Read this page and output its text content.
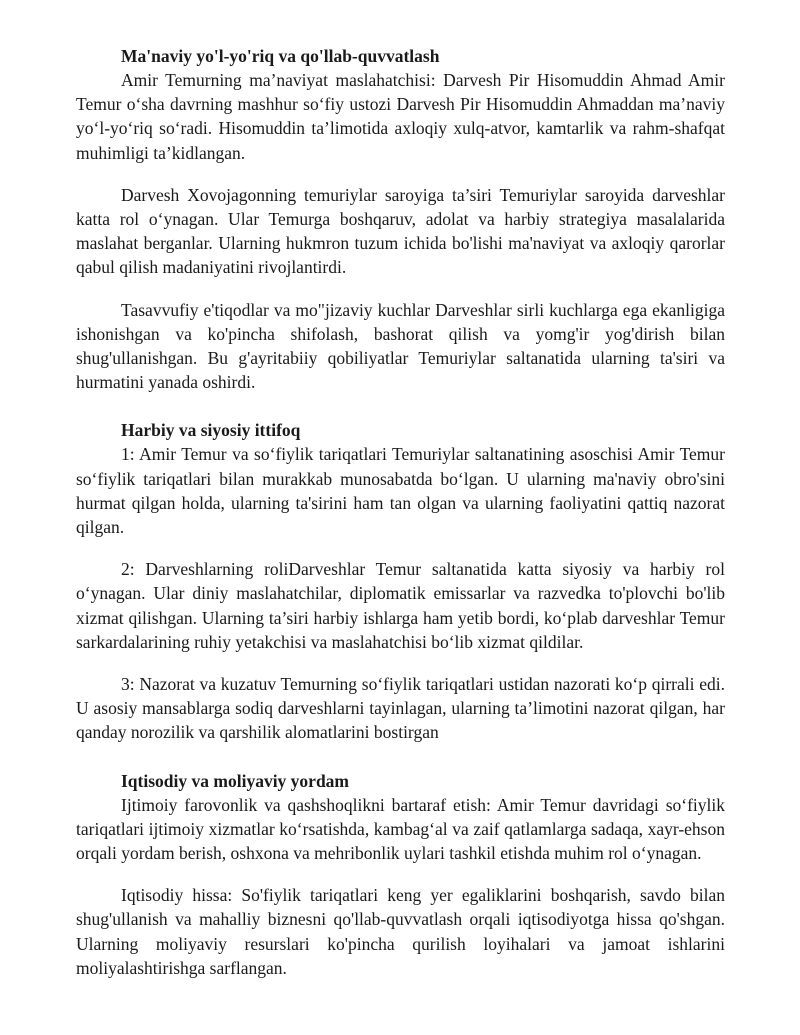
Ma'naviy yo'l-yo'riq va qo'llab-quvvatlash

Amir Temurning ma’naviyat maslahatchisi: Darvesh Pir Hisomuddin Ahmad Amir Temur o‘sha davrning mashhur so‘fiy ustozi Darvesh Pir Hisomuddin Ahmaddan ma’naviy yo‘l-yo‘riq so‘radi. Hisomuddin ta’limotida axloqiy xulq-atvor, kamtarlik va rahm-shafqat muhimligi ta’kidlangan.

Darvesh Xovojagonning temuriylar saroyiga ta’siri Temuriylar saroyida darveshlar katta rol o‘ynagan. Ular Temurga boshqaruv, adolat va harbiy strategiya masalalarida maslahat berganlar. Ularning hukmron tuzum ichida bo'lishi ma'naviyat va axloqiy qarorlar qabul qilish madaniyatini rivojlantirdi.

Tasavvufiy e'tiqodlar va mo"jizaviy kuchlar Darveshlar sirli kuchlarga ega ekanligiga ishonishgan va ko'pincha shifolash, bashorat qilish va yomg'ir yog'dirish bilan shug'ullanishgan. Bu g'ayritabiiy qobiliyatlar Temuriylar saltanatida ularning ta'siri va hurmatini yanada oshirdi.

Harbiy va siyosiy ittifoq

1: Amir Temur va so‘fiylik tariqatlari Temuriylar saltanatining asoschisi Amir Temur so‘fiylik tariqatlari bilan murakkab munosabatda bo‘lgan. U ularning ma'naviy obro'sini hurmat qilgan holda, ularning ta'sirini ham tan olgan va ularning faoliyatini qattiq nazorat qilgan.

2: Darveshlarning roliDarveshlar Temur saltanatida katta siyosiy va harbiy rol o‘ynagan. Ular diniy maslahatchilar, diplomatik emissarlar va razvedka to'plovchi bo'lib xizmat qilishgan. Ularning ta’siri harbiy ishlarga ham yetib bordi, ko‘plab darveshlar Temur sarkardalarining ruhiy yetakchisi va maslahatchisi bo‘lib xizmat qildilar.

3: Nazorat va kuzatuv Temurning so‘fiylik tariqatlari ustidan nazorati ko‘p qirrali edi. U asosiy mansablarga sodiq darveshlarni tayinlagan, ularning ta’limotini nazorat qilgan, har qanday norozilik va qarshilik alomatlarini bostirgan

Iqtisodiy va moliyaviy yordam

Ijtimoiy farovonlik va qashshoqlikni bartaraf etish: Amir Temur davridagi so‘fiylik tariqatlari ijtimoiy xizmatlar ko‘rsatishda, kambag‘al va zaif qatlamlarga sadaqa, xayr-ehson orqali yordam berish, oshxona va mehribonlik uylari tashkil etishda muhim rol o‘ynagan.

Iqtisodiy hissa: So'fiylik tariqatlari keng yer egaliklarini boshqarish, savdo bilan shug'ullanish va mahalliy biznesni qo'llab-quvvatlash orqali iqtisodiyotga hissa qo'shgan. Ularning moliyaviy resurslari ko'pincha qurilish loyihalari va jamoat ishlarini moliyalashtirishga sarflangan.
